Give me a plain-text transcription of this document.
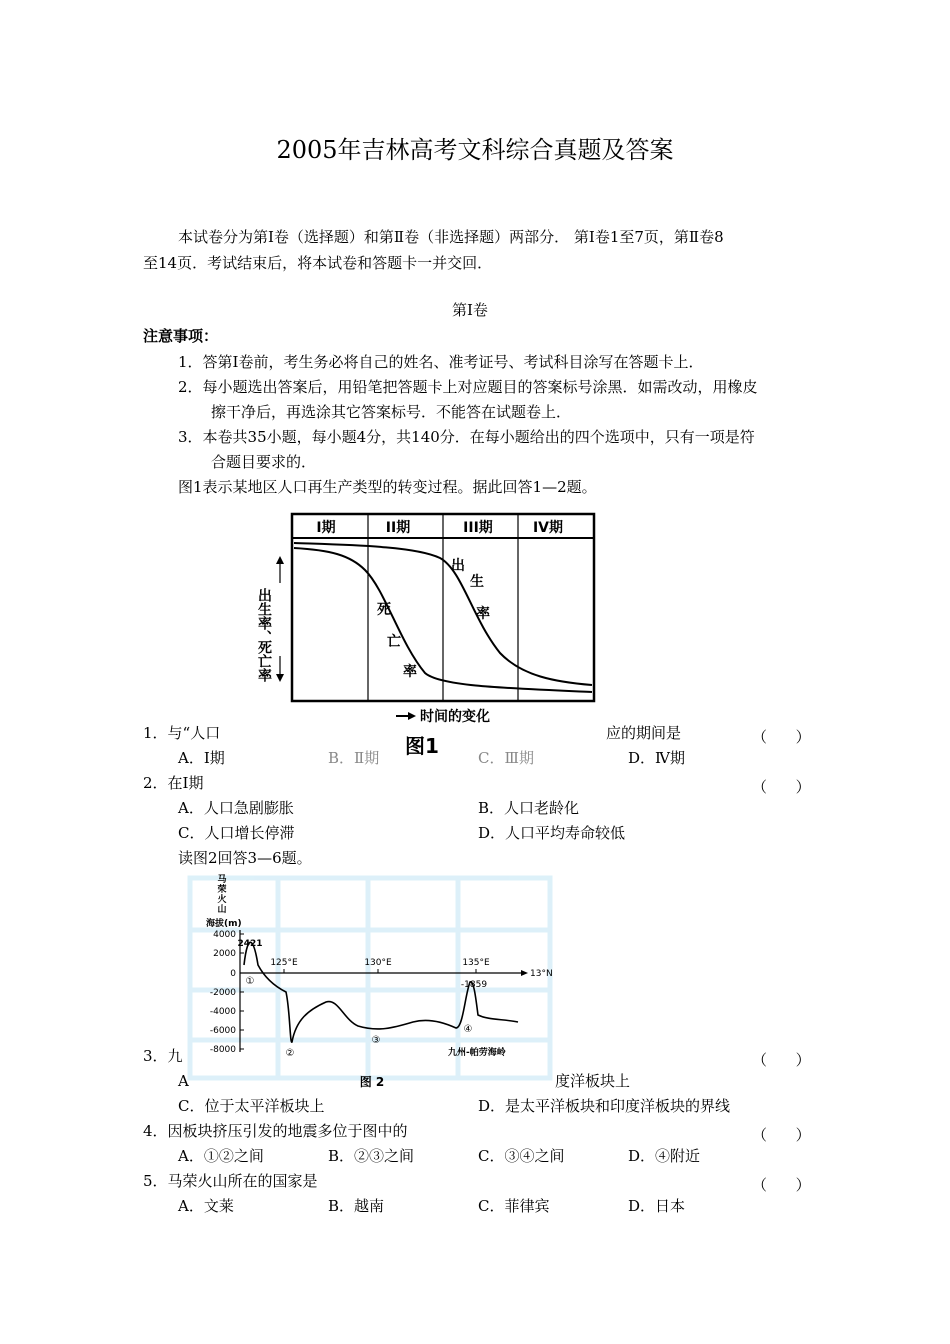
2005年吉林高考文科综合真题及答案
本试卷分为第Ⅰ卷（选择题）和第Ⅱ卷（非选择题）两部分． 第Ⅰ卷1至7页，第Ⅱ卷8
至14页．考试结束后，将本试卷和答题卡一并交回．
第Ⅰ卷
注意事项：
1．答第Ⅰ卷前，考生务必将自己的姓名、准考证号、考试科目涂写在答题卡上．
2．每小题选出答案后，用铅笔把答题卡上对应题目的答案标号涂黑．如需改动，用橡皮
擦干净后，再选涂其它答案标号．不能答在试题卷上．
3．本卷共35小题，每小题4分，共140分．在每小题给出的四个选项中，只有一项是符
合题目要求的．
图1表示某地区人口再生产类型的转变过程。据此回答1—2题。
I期	II期	III期	IV期
出
生
率
死
亡
率
出生率、
死亡率
时间的变化
图1
1．与“人口	应的期间是	（      ）
A．Ⅰ期	B．Ⅱ期	C．Ⅲ期	D．Ⅳ期
2．在Ⅰ期	（      ）
A．人口急剧膨胀	B．人口老龄化
C．人口增长停滞	D．人口平均寿命较低
读图2回答3—6题。
马
荣
火
山
海拔(m)
4000
2000
0
-2000
-4000
-6000
-8000
125°E	130°E	135°E
13°N
2421
-1859
①
②
③
④
九州-帕劳海岭
图 2
3．九	（      ）
A	度洋板块上
C．位于太平洋板块上	D．是太平洋板块和印度洋板块的界线
4．因板块挤压引发的地震多位于图中的	（      ）
A．①②之间	B．②③之间	C．③④之间	D．④附近
5．马荣火山所在的国家是	（      ）
A．文莱	B．越南	C．菲律宾	D．日本
